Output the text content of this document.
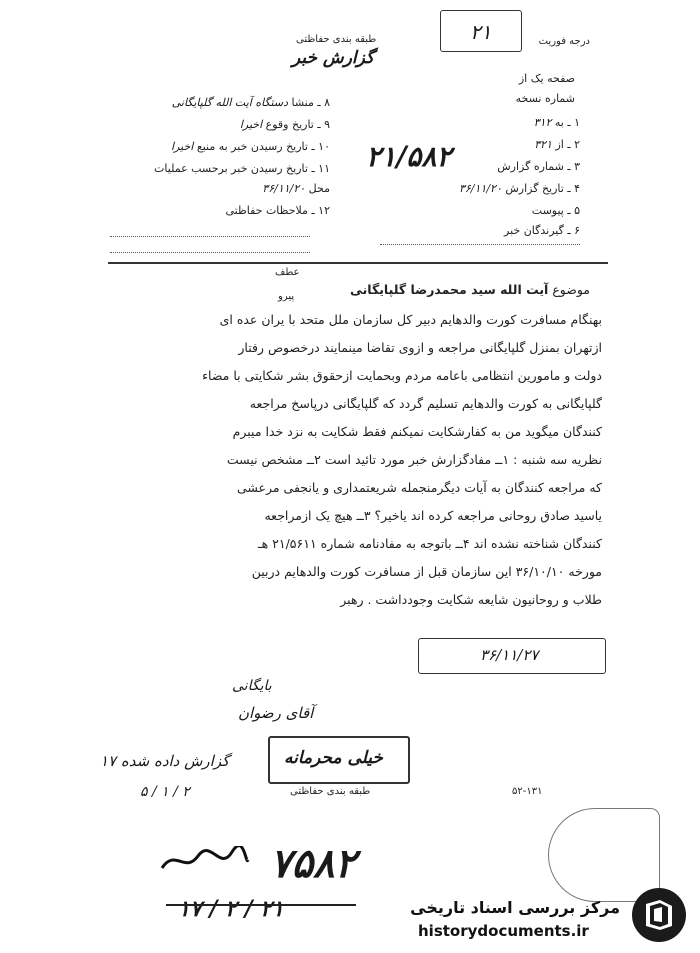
۲۱	درجه فوریت
طبقه بندی حفاظتی
گزارش خبر
صفحه یک از
شماره نسخه
۸ ـ منشا دستگاه آیت الله گلپایگانی
۹ ـ تاریخ وقوع اخیرا
۱۰ ـ تاریخ رسیدن خبر به منبع اخیرا
۱۱ ـ تاریخ رسیدن خبر برحسب عملیات
محل ۳۶/۱۱/۲۰
۱۲ ـ ملاحظات حفاظتی
۱ ـ به ۳۱۲
۲ ـ از ۳۲۱
۳ ـ شماره گزارش
۴ ـ تاریخ گزارش ۳۶/۱۱/۲۰
۵ ـ پیوست
۶ ـ گیرندگان خبر
۲۱/۵۸۲
عطف
پیرو	موضوع آیت الله سید محمدرضا گلپایگانی
بهنگام مسافرت کورت والدهایم دبیر کل سازمان ملل متحد با یران عده ای
ازتهران بمنزل گلپایگانی مراجعه و ازوی تقاضا مینمایند درخصوص رفتار
دولت و مامورین انتظامی باعامه مردم وبحمایت ازحقوق بشر شکایتی با مضاء
گلپایگانی به کورت والدهایم تسلیم گردد که گلپایگانی درپاسخ مراجعه
کنندگان میگوید من به کفارشکایت نمیکنم فقط شکایت به نزد خدا میبرم
نظریه سه شنبه : ۱ــ مفادگزارش خبر مورد تائید است ۲ــ مشخص نیست
که مراجعه کنندگان به آیات دیگرمنجمله شریعتمداری و یانجفی مرعشی
یاسید صادق روحانی مراجعه کرده اند یاخیر؟ ۳ــ هیچ یک ازمراجعه
کنندگان شناخته نشده اند ۴ــ باتوجه به مفادنامه شماره ۲۱/۵۶۱۱ هـ
مورخه ۳۶/۱۰/۱۰ این سازمان قبل از مسافرت کورت والدهایم دربین
طلاب و روحانیون شایعه شکایت وجودداشت . رهبر
۳۶/۱۱/۲۷
بایگانی
آقای رضوان
۱۷ گزارش داده شده
۵ / ۱ / ۲
خیلی محرمانه
طبقه بندی حفاظتی	۵۲-۱۳۱
۷۵۸۲
۱۷ / ۲ / ۲۱	مرکز بررسی اسناد تاریخی
historydocuments.ir
